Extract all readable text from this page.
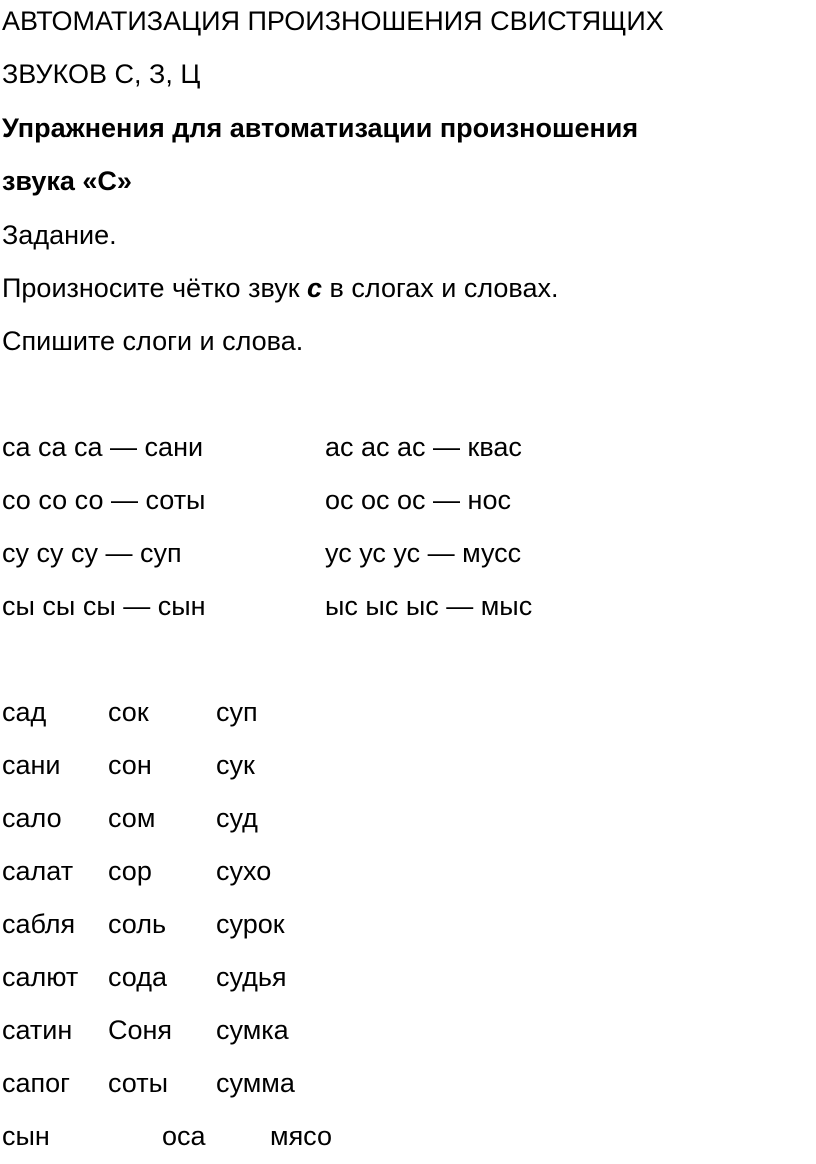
АВТОМАТИЗАЦИЯ ПРОИЗНОШЕНИЯ СВИСТЯЩИХ
ЗВУКОВ С, З, Ц
Упражнения для автоматизации произношения
звука «С»
Задание.
Произносите чётко звук с в слогах и словах.
Спишите слоги и слова.
са са са — сани
со со со — соты
су су су — суп
сы сы сы — сын
ас ас ас — квас
ос ос ос — нос
ус ус ус — мусс
ыс ыс ыс — мыс
сад
сани
сало
салат
сабля
салют
сатин
сапог
сок
сон
сом
сор
соль
сода
Соня
соты
суп
сук
суд
сухо
сурок
судья
сумка
сумма
сын	оса мясо
